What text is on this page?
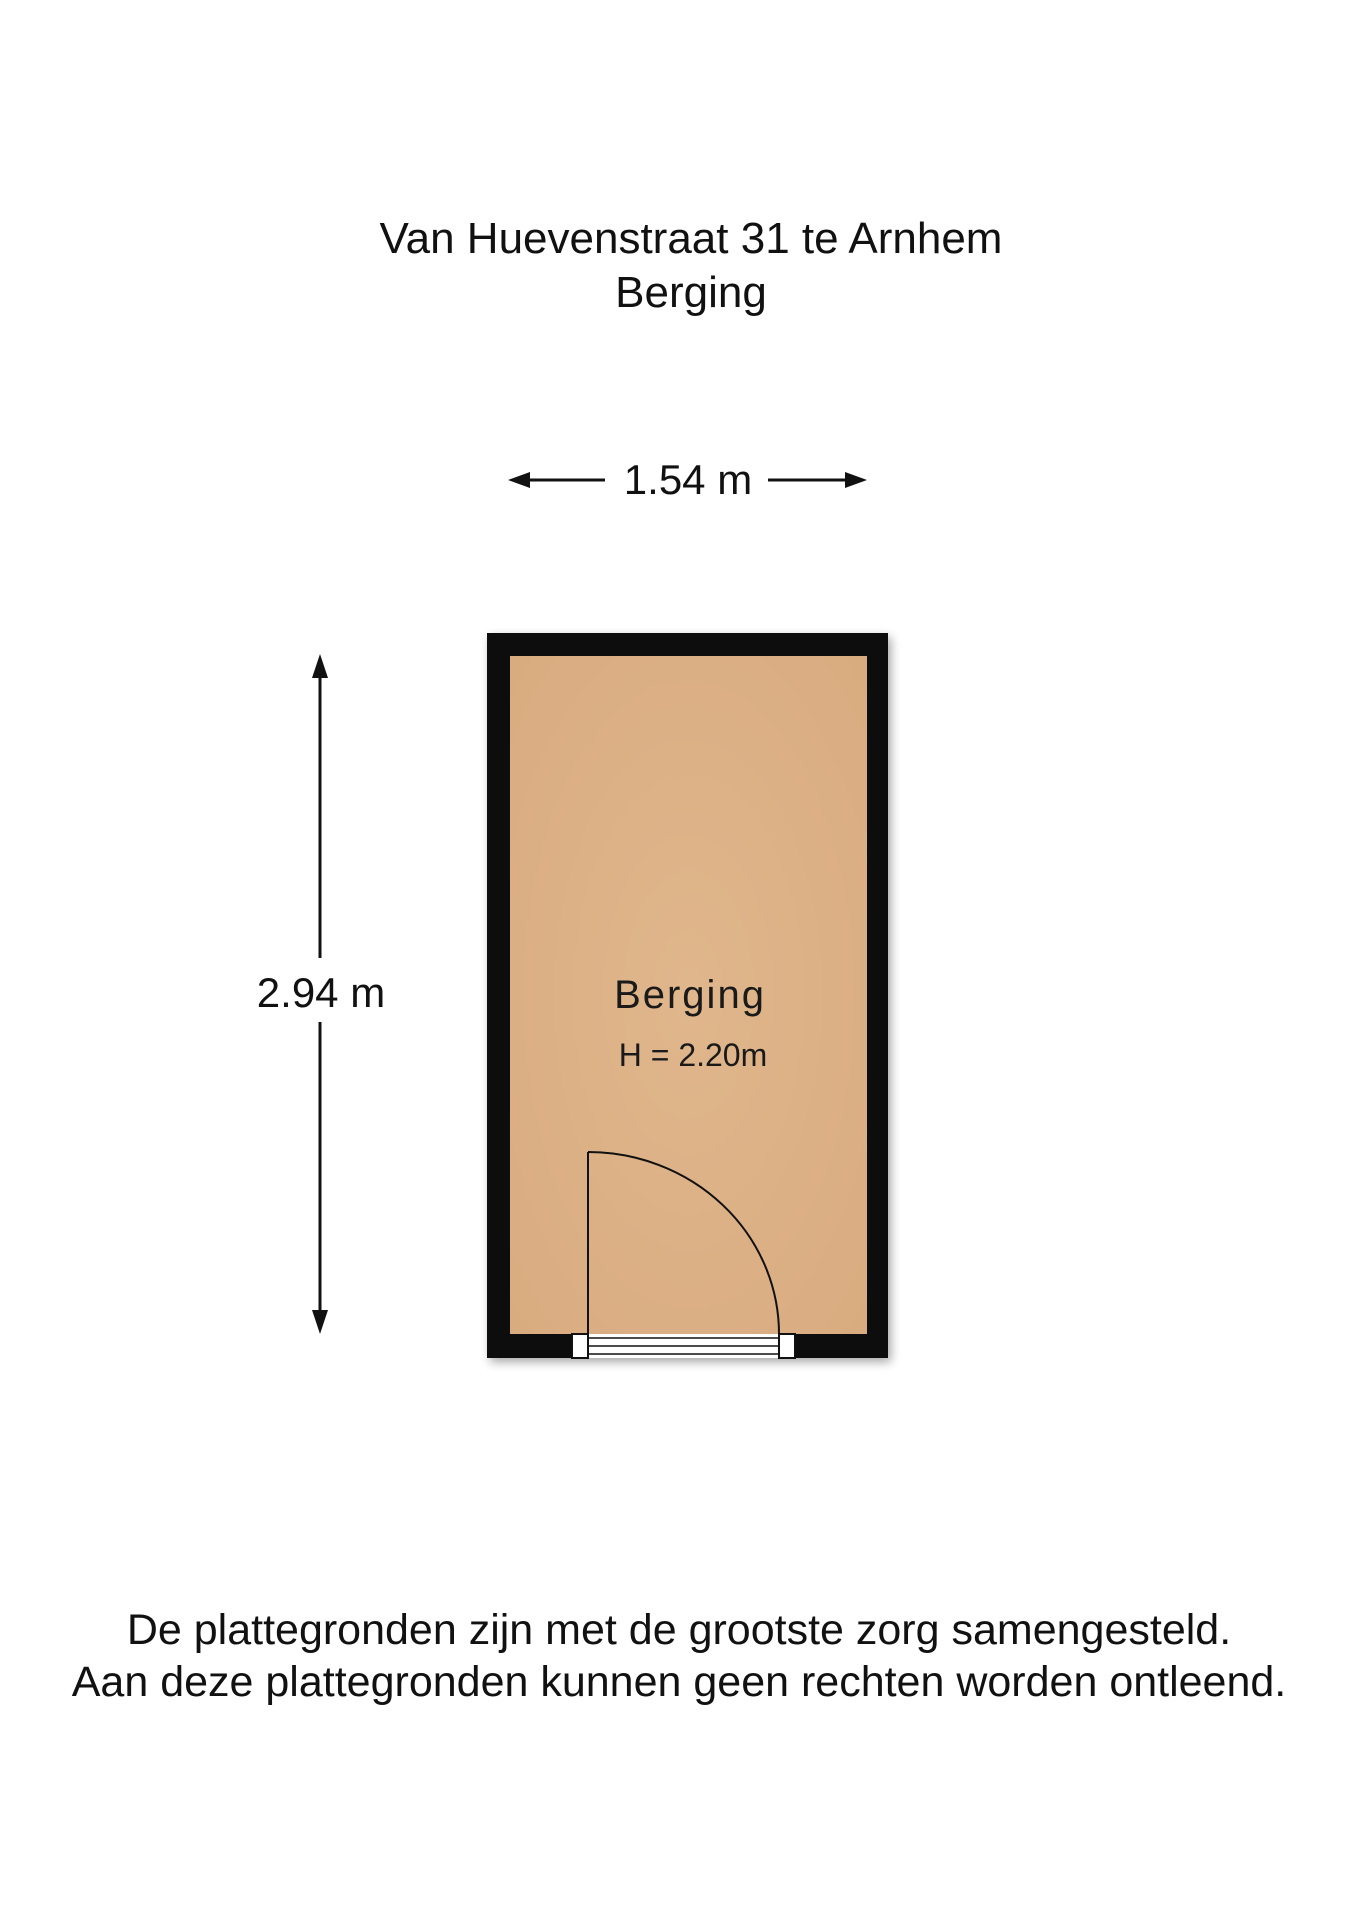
Van Huevenstraat 31 te Arnhem
Berging
1.54 m
2.94 m	Berging
H = 2.20m
De plattegronden zijn met de grootste zorg samengesteld.
Aan deze plattegronden kunnen geen rechten worden ontleend.
